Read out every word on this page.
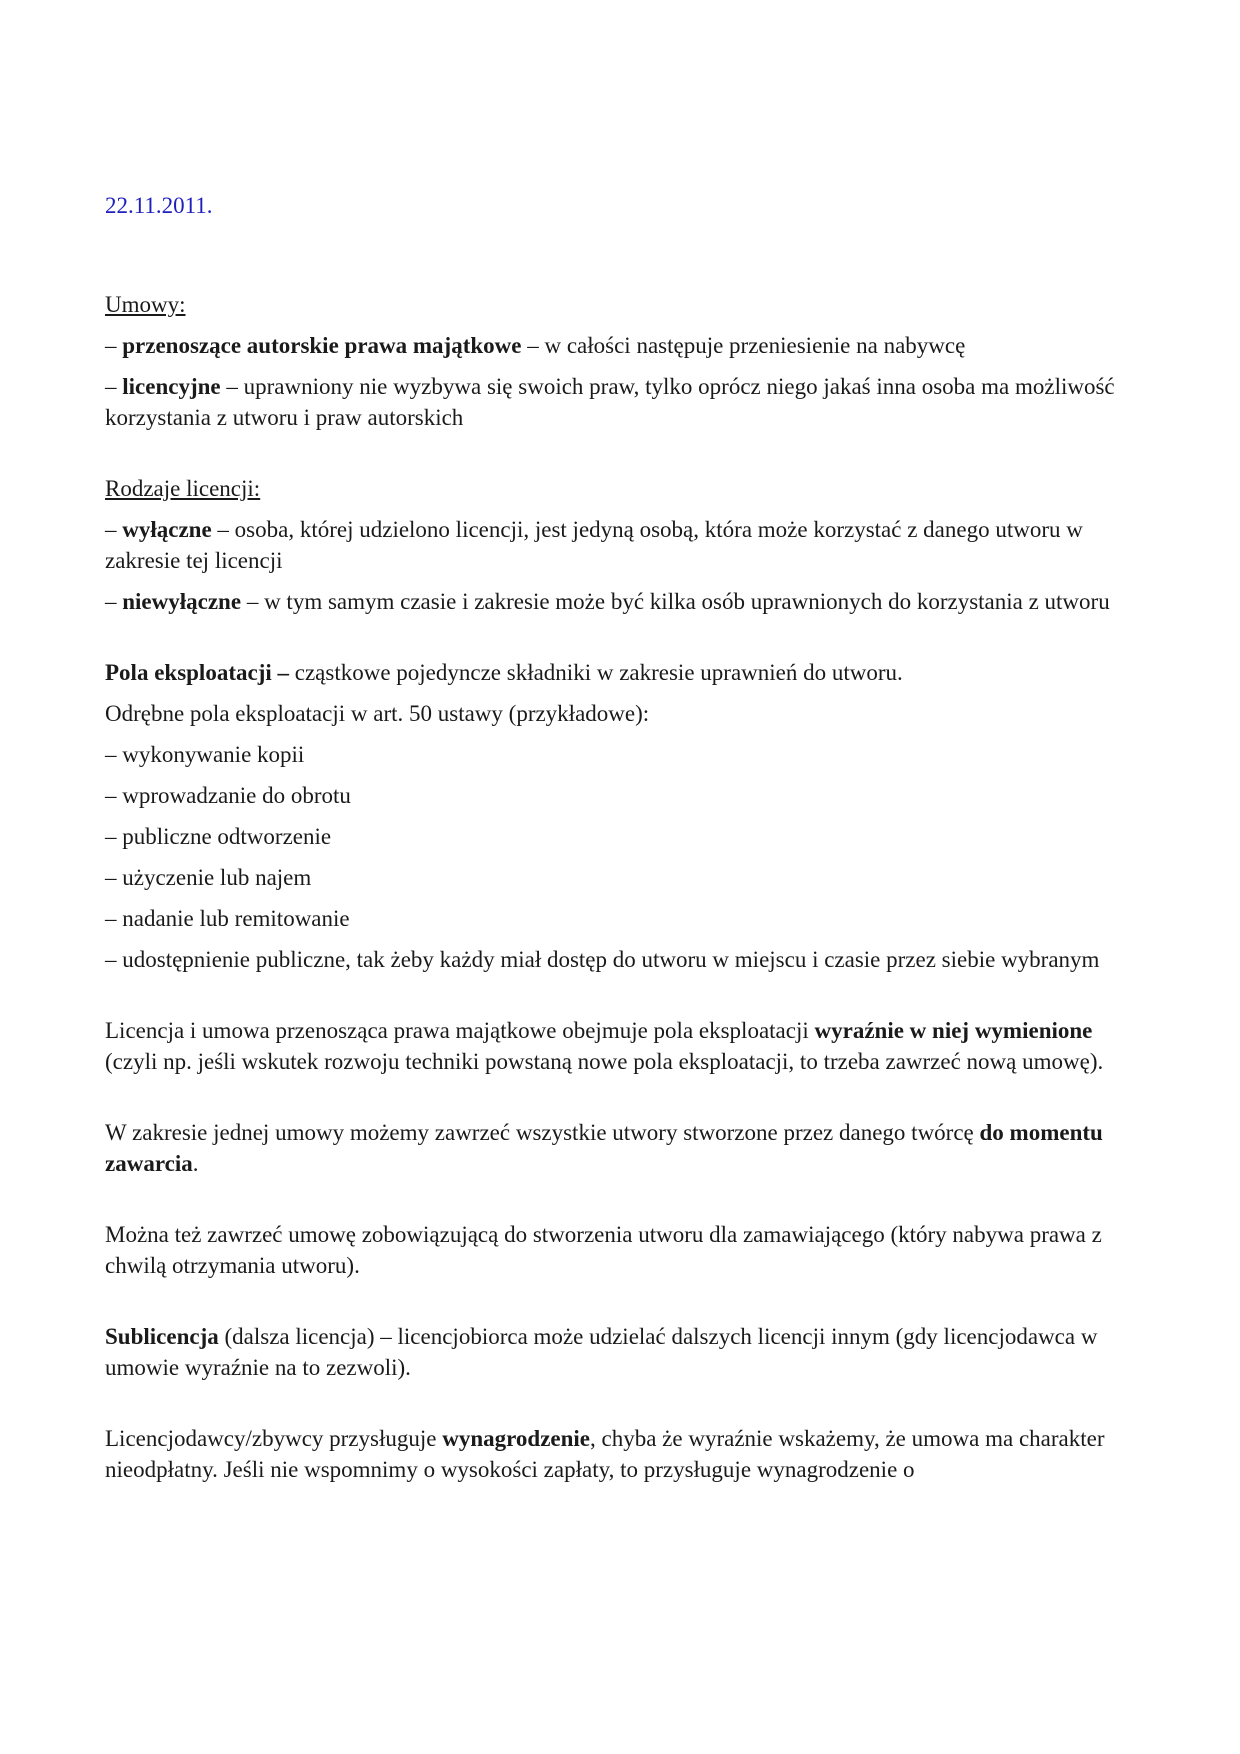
22.11.2011.

Umowy:

– przenoszące autorskie prawa majątkowe – w całości następuje przeniesienie na nabywcę

– licencyjne – uprawniony nie wyzbywa się swoich praw, tylko oprócz niego jakaś inna osoba ma możliwość korzystania z utworu i praw autorskich

Rodzaje licencji:

– wyłączne – osoba, której udzielono licencji, jest jedyną osobą, która może korzystać z danego utworu w zakresie tej licencji

– niewyłączne – w tym samym czasie i zakresie może być kilka osób uprawnionych do korzystania z utworu

Pola eksploatacji – cząstkowe pojedyncze składniki w zakresie uprawnień do utworu.

Odrębne pola eksploatacji w art. 50 ustawy (przykładowe):

– wykonywanie kopii

– wprowadzanie do obrotu

– publiczne odtworzenie

– użyczenie lub najem

– nadanie lub remitowanie

– udostępnienie publiczne, tak żeby każdy miał dostęp do utworu w miejscu i czasie przez siebie wybranym

Licencja i umowa przenosząca prawa majątkowe obejmuje pola eksploatacji wyraźnie w niej wymienione (czyli np. jeśli wskutek rozwoju techniki powstaną nowe pola eksploatacji, to trzeba zawrzeć nową umowę).

W zakresie jednej umowy możemy zawrzeć wszystkie utwory stworzone przez danego twórcę do momentu zawarcia.

Można też zawrzeć umowę zobowiązującą do stworzenia utworu dla zamawiającego (który nabywa prawa z chwilą otrzymania utworu).

Sublicencja (dalsza licencja) – licencjobiorca może udzielać dalszych licencji innym (gdy licencjodawca w umowie wyraźnie na to zezwoli).

Licencjodawcy/zbywcy przysługuje wynagrodzenie, chyba że wyraźnie wskażemy, że umowa ma charakter nieodpłatny. Jeśli nie wspomnimy o wysokości zapłaty, to przysługuje wynagrodzenie o
